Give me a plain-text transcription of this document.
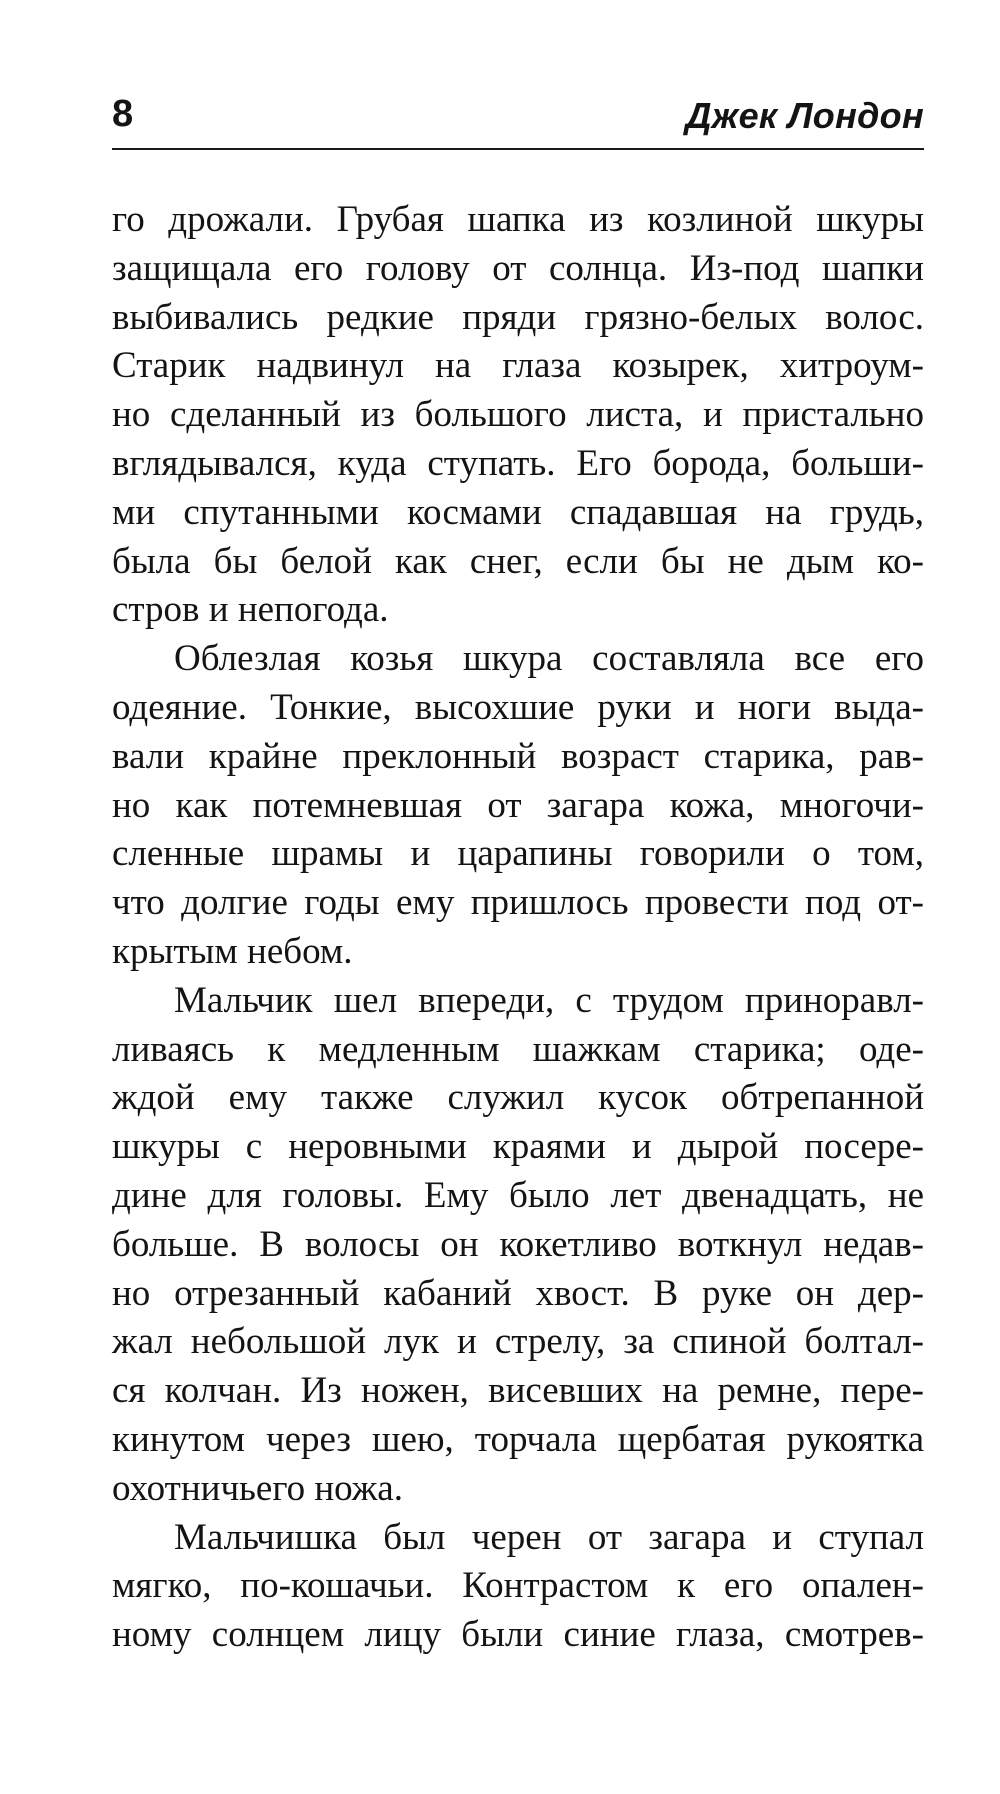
8	Джек Лондон
го дрожали. Грубая шапка из козлиной шкуры
защищала его голову от солнца. Из-под шапки
выбивались редкие пряди грязно-белых волос.
Старик надвинул на глаза козырек, хитроум-
но сделанный из большого листа, и пристально
вглядывался, куда ступать. Его борода, больши-
ми спутанными космами спадавшая на грудь,
была бы белой как снег, если бы не дым ко-
стров и непогода.
Облезлая козья шкура составляла все его
одеяние. Тонкие, высохшие руки и ноги выда-
вали крайне преклонный возраст старика, рав-
но как потемневшая от загара кожа, многочи-
сленные шрамы и царапины говорили о том,
что долгие годы ему пришлось провести под от-
крытым небом.
Мальчик шел впереди, с трудом приноравл-
ливаясь к медленным шажкам старика; оде-
ждой ему также служил кусок обтрепанной
шкуры с неровными краями и дырой посере-
дине для головы. Ему было лет двенадцать, не
больше. В волосы он кокетливо воткнул недав-
но отрезанный кабаний хвост. В руке он дер-
жал небольшой лук и стрелу, за спиной болтал-
ся колчан. Из ножен, висевших на ремне, пере-
кинутом через шею, торчала щербатая рукоятка
охотничьего ножа.
Мальчишка был черен от загара и ступал
мягко, по-кошачьи. Контрастом к его опален-
ному солнцем лицу были синие глаза, смотрев-
